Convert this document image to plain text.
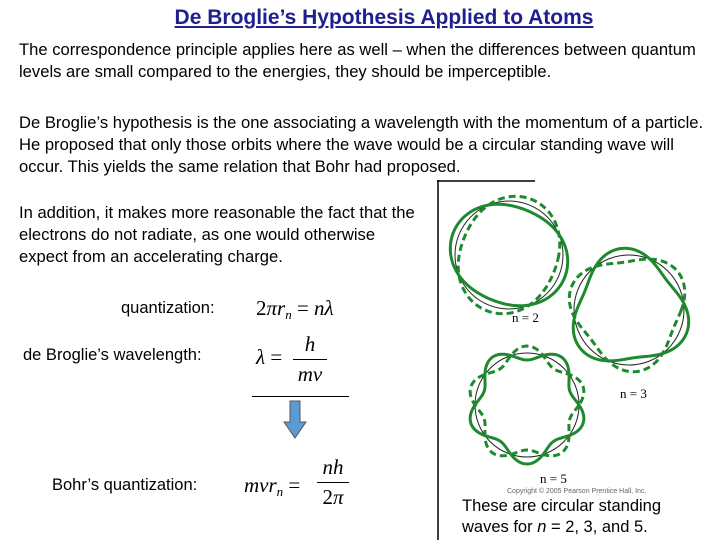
De Broglie’s Hypothesis Applied to Atoms

The correspondence principle applies here as well – when the differences between quantum levels are small compared to the energies, they should be imperceptible.

De Broglie’s hypothesis is the one associating a wavelength with the momentum of a particle. He proposed that only those orbits where the wave would be a circular standing wave will occur. This yields the same relation that Bohr had proposed.

In addition, it makes more reasonable the fact that the electrons do not radiate, as one would otherwise expect from an accelerating charge.

quantization: $2\pi r_n = n\lambda$
de Broglie’s wavelength:	λ =
h
mv
Bohr’s quantization: mvr$_n$ =
nh
2π
n = 2
n = 3
n = 5
Copyright © 2005 Pearson Prentice Hall, Inc.
These are circular standing waves for n = 2, 3, and 5.
